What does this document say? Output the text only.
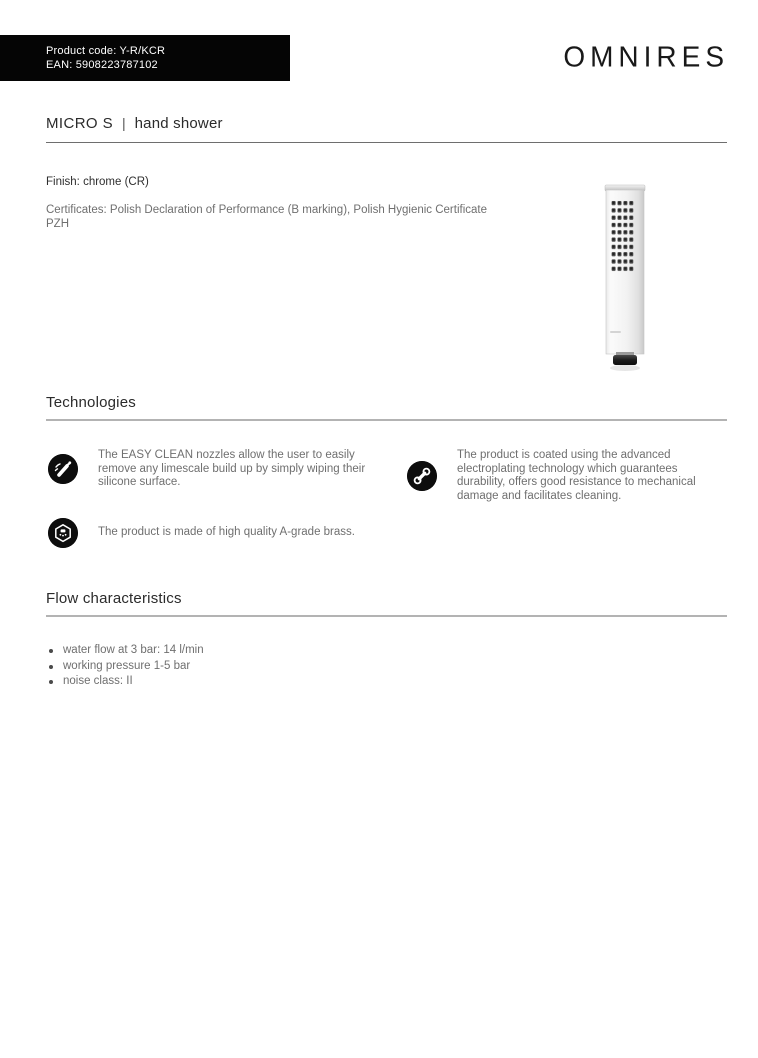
Product code: Y-R/KCR
EAN: 5908223787102	OMNIRES
MICRO S | hand shower
Finish: chrome (CR)
Certificates: Polish Declaration of Performance (B marking), Polish Hygienic Certificate PZH
Technologies
The EASY CLEAN nozzles allow the user to easily remove any limescale build up by simply wiping their silicone surface.
The product is coated using the advanced electroplating technology which guarantees durability, offers good resistance to mechanical damage and facilitates cleaning.
The product is made of high quality A-grade brass.
Flow characteristics
water flow at 3 bar: 14 l/min
working pressure 1-5 bar
noise class: II
